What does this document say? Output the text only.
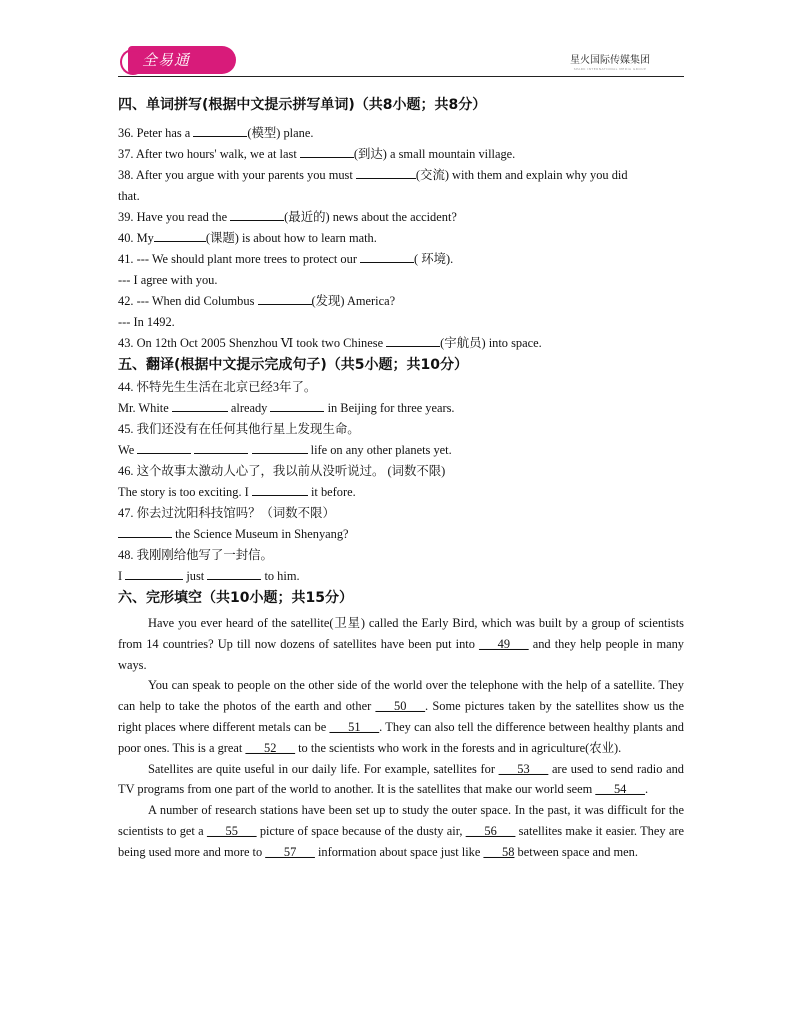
全易通	星火国际传媒集团
SPARK INTERNATIONAL MEDIA GROUP

四、单词拼写(根据中文提示拼写单词)（共8小题；共8分）

36. Peter has a	(模型) plane.

37. After two hours' walk, we at last	(到达) a small mountain village.

38. After you argue with your parents you must	(交流) with them and explain why you did

that.

39. Have you read the	(最近的) news about the accident?

40. My	(课题) is about how to learn math.

41. --- We should plant more trees to protect our	( 环境).

--- I agree with you.

42. --- When did Columbus	(发现) America?

--- In 1492.

43. On 12th Oct 2005 Shenzhou Ⅵ took two Chinese	(宇航员) into space.

五、翻译(根据中文提示完成句子)（共5小题；共10分）

44. 怀特先生生活在北京已经3年了。

Mr. White	already	in Beijing for three years.

45. 我们还没有在任何其他行星上发现生命。

We	life on any other planets yet.

46. 这个故事太激动人心了，我以前从没听说过。 (词数不限)

The story is too exciting. I	it before.

47. 你去过沈阳科技馆吗？（词数不限）

the Science Museum in Shenyang?

48. 我刚刚给他写了一封信。

I	just	to him.

六、完形填空（共10小题；共15分）

Have you ever heard of the satellite(卫星) called the Early Bird, which was built by a group of scientists from 14 countries? Up till now dozens of satellites have been put into ___49___ and they help people in many ways.

You can speak to people on the other side of the world over the telephone with the help of a satellite. They can help to take the photos of the earth and other ___50___. Some pictures taken by the satellites show us the right places where different metals can be ___51___. They can also tell the difference between healthy plants and poor ones. This is a great ___52___ to the scientists who work in the forests and in agriculture(农业).

Satellites are quite useful in our daily life. For example, satellites for ___53___ are used to send radio and TV programs from one part of the world to another. It is the satellites that make our world seem ___54___.

A number of research stations have been set up to study the outer space. In the past, it was difficult for the scientists to get a ___55___ picture of space because of the dusty air, ___56___ satellites make it easier. They are being used more and more to ___57___ information about space just like ___58 between space and men.
